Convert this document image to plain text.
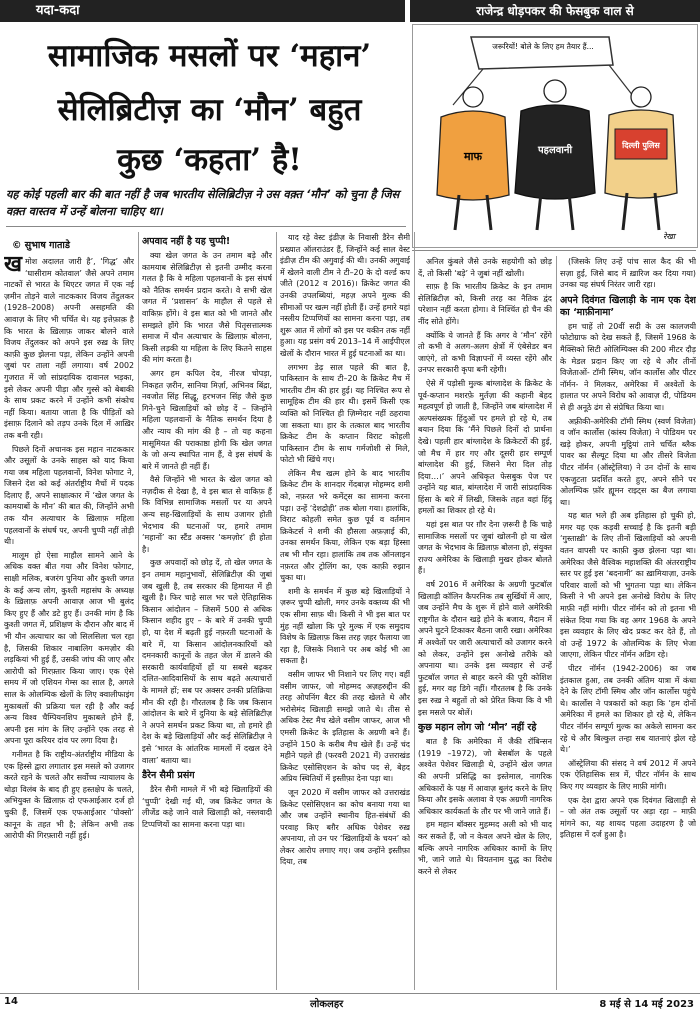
यदा-कदा	राजेन्द्र धोड़पकर की फेसबुक वाल से
सामाजिक मसलों पर ‘महान’
सेलिब्रिटीज़ का ‘मौन’ बहुत
कुछ ‘कहता’ है!
यह कोई पहली बार की बात नहीं है जब भारतीय सेलिब्रिटीज़ ने उस वक़्त ‘मौन’ को चुना है जिस वक़्त वास्तव में उन्हें बोलना चाहिए था।
जरूरियों! बोले के लिए हम तैयार हैं...
माफ	पहलवानी	दिल्ली पुलिस
रेखा
© सुभाष गाताडे

खमोश अदालत जारी है’, ‘गिद्ध’ और ‘घासीराम कोतवाल’ जैसे अपने तमाम नाटकों से भारत के थिएटर जगत में एक नई ज़मीन तोड़ने वाले नाटककार विजय तेंदुलकर (1928–2008) अपनी असहमति की आवाज़ के लिए भी चर्चित थे। यह इत्तेफ़ाक़ है कि भारत के ख़िलाफ़ जाकर बोलने वाले विजय तेंदुलकर को अपने इस रुख़ के लिए काफ़ी कुछ झेलना पड़ा, लेकिन उन्होंने अपनी जुबां पर ताला नहीं लगाया। वर्ष 2002 गुजरात में जो सांप्रदायिक दावानल भड़का, इसे लेकर अपनी पीड़ा और गुस्से को बेबाकी के साथ प्रकट करने में उन्होंने कभी संकोच नहीं किया। बताया जाता है कि पीड़ितों को इंसाफ़ दिलाने को तड़प उनके दिल में आख़िर तक बनी रही।

पिछले दिनों अचानक इस महान नाटककार और उसूलों के उनके साहस को याद किया गया जब महिला पहलवानों, विनेश फोगाट ने, जिसने देश को कई अंतर्राष्ट्रीय मैचों में पदक दिलाए हैं, अपने साक्षात्कार में ‘खेल जगत के कामयाबों के मौन’ की बात की, जिन्होंने अभी तक यौन अत्याचार के ख़िलाफ़ महिला पहलवानों के संघर्ष पर, अपनी चुप्पी नहीं तोड़ी थी।

मालूम हो ऐसा माहौल सामने आने के अधिक वक्त बीत गया और विनेश फोगाट, साक्षी मलिक, बजरंग पुनिया और कुश्ती जगत के कई अन्य लोग, कुश्ती महासंघ के अध्यक्ष के ख़िलाफ़ अपनी आवाज़ आज भी बुलंद किए हुए हैं और डटे हुए हैं। उनकी मांग है कि कुश्ती जगत में, प्रशिक्षण के दौरान और बाद में भी यौन अत्याचार का जो सिलसिला चल रहा है, जिसकी शिकार नाबालिग कमज़ोर की लड़कियां भी हुई हैं, उसकी जांच की जाए और आरोपी को गिरफ़्तार किया जाए। एक ऐसे समय में जो एशियन गेम्स का साल है, अगले साल के ओलम्पिक खेलों के लिए क्वालीफाइंग मुकाबलों की प्रक्रिया चल रही है और कई अन्य विश्व चैम्पियनशिप मुकाबले होने हैं, अपनी इस मांग के लिए उन्होंने एक तरह से अपना पूरा करियर दांव पर लगा दिया है।

गनीमत है कि राष्ट्रीय-अंतर्राष्ट्रीय मीडिया के एक हिस्से द्वारा लगातार इस मसले को उजागर करते रहने के चलते और सर्वोच्च न्यायालय के थोड़ा विलंब के बाद ही हुए हस्तक्षेप के चलते, अभियुक्त के ख़िलाफ़ दो एफआईआर दर्ज हो चुकी हैं, जिसमें एक एफआईआर ‘पोक्सो’ कानून के तहत भी है; लेकिन अभी तक आरोपी की गिरफ़्तारी नहीं हुई।

अपवाद नहीं है यह चुप्पी!

क्या खेल जगत के उन तमाम बड़े और कामयाब सेलिब्रिटीज़ से इतनी उम्मीद करना गलत है कि वे महिला पहलवानों के इस संघर्ष को नैतिक समर्थन प्रदान करते। वे सभी खेल जगत में ‘प्रशासन’ के माहौल से पहले से वाकिफ़ होंगे। वे इस बात को भी जानते और समझते होंगे कि भारत जैसे पितृसत्तात्मक समाज में यौन अत्याचार के ख़िलाफ़ बोलना, किसी लड़की या महिला के लिए कितने साहस की मांग करता है।

अगर हम कपिल देव, नीरज चोपड़ा, निकहत ज़रीन, सानिया मिर्ज़ा, अभिनव बिंद्रा, नवजोत सिंह सिद्धू, हरभजन सिंह जैसे कुछ गिने-चुने खिलाड़ियों को छोड़ दें – जिन्होंने महिला पहलवानों के नैतिक समर्थन दिया है और न्याय की मांग की है – तो यह कहना मासूमियत की पराकाष्ठा होगी कि खेल जगत के जो अन्य स्थापित नाम हैं, वे इस संघर्ष के बारे में जानते ही नहीं हैं।

वैसे जिन्होंने भी भारत के खेल जगत को नज़दीक से देखा है, वे इस बात से वाकिफ़ हैं कि विभिन्न सामाजिक मसलों पर या अपने अन्य सह-खिलाड़ियों के साथ उजागर होती भेदभाव की घटनाओं पर, हमारे तमाम ‘महानों’ का स्टैंड अक्सर ‘कमज़ोर’ ही होता है।

कुछ अपवादों को छोड़ दें, तो खेल जगत के इन तमाम महानुभावों, सेलिब्रिटीज़ की जुबां जब खुली है, तब सरकार की हिमायत में ही खुली है। फिर चाहे साल भर चले ऐतिहासिक किसान आंदोलन – जिसमें 500 से अधिक किसान शहीद हुए – के बारे में उनकी चुप्पी हो, या देश में बढ़ती हुई नफ़रती घटनाओं के बारे में, या किसान आंदोलनकारियों को दमनकारी कानूनों के तहत जेल में डालने की सरकारी कार्यवाहियों हों या सबसे बढ़कर दलित-आदिवासियों के साथ बढ़ते अत्याचारों के मामले हों; सब पर अक्सर उनकी प्रतिक्रिया मौन की रही है। गौरतलब है कि जब किसान आंदोलन के बारे में दुनिया के बड़े सेलिब्रिटीज़ ने अपने समर्थन प्रकट किया था, तो हमारे ही देश के बड़े खिलाड़ियों और कई सेलिब्रिटीज़ ने इसे ‘भारत के आंतरिक मामलों में दखल देने वाला’ बताया था।

डैरेन सैमी प्रसंग

डैरेन सैमी मामले में भी बड़े खिलाड़ियों की ‘चुप्पी’ देखी गई थी, जब क्रिकेट जगत के लीजेंड कहे जाने वाले खिलाड़ी को, नस्लवादी टिप्पणियों का सामना करना पड़ा था।

याद रहे वेस्ट इंडीज़ के निवासी डैरेन सैमी प्रख्यात ऑलराउंडर हैं, जिन्होंने कई साल वेस्ट इंडीज़ टीम की अगुवाई की थी। उनकी अगुवाई में खेलने वाली टीम ने टी–20 के दो वर्ल्ड कप जीते (2012 व 2016)। क्रिकेट जगत की उनकी उपलब्धियां, महज़ अपने मुल्क की सीमाओं पर खत्म नहीं होती हैं। उन्हें हमारे यहां नस्लीय टिप्पणियों का सामना करना पड़ा, तब शुरू आत में लोगों को इस पर यकीन तक नहीं हुआ। यह प्रसंग वर्ष 2013–14 में आईपीएल खेलों के दौरान भारत में हुई घटनाओं का था।

लगभग डेढ़ साल पहले की बात है, पाकिस्तान के साथ टी–20 के क्रिकेट मैच में भारतीय टीम की हार हुई। यह निश्चित रूप से सामूहिक टीम की हार थी। इसमें किसी एक व्यक्ति को निश्चित ही ज़िम्मेदार नहीं ठहराया जा सकता था। हार के तत्काल बाद भारतीय क्रिकेट टीम के कप्तान विराट कोहली पाकिस्तान टीम के साथ गर्मजोशी से मिले, फोटो भी खिंचे गए।

लेकिन मैच खत्म होने के बाद भारतीय क्रिकेट टीम के शानदार गेंदबाज़ मोहम्मद शमी को, नफ़रत भरे कमेंट्स का सामना करना पड़ा। उन्हें ‘देशद्रोही’ तक बोला गया। हालांकि, विराट कोहली समेत कुछ पूर्व व वर्तमान क्रिकेटर्स ने शमी की हौसला अफ़ज़ाई की, उनका समर्थन किया, लेकिन एक बड़ा हिस्सा तब भी मौन रहा। हालांकि तब तक ऑनलाइन नफ़रत और ट्रोलिंग का, एक काफ़ी रुझान चुका था।

शमी के समर्थन में कुछ बड़े खिलाड़ियों ने ज़रूर चुप्पी खोली, मगर उनके वक्तव्य की भी एक सीमा साफ़ थी। किसी ने भी इस बात पर मुंह नहीं खोला कि पूरे मुल्क में एक समुदाय विशेष के ख़िलाफ़ किस तरह ज़हर फैलाया जा रहा है, जिसके निशाने पर अब कोई भी आ सकता है।

वसीम जाफर भी निशाने पर लिए गए। वहीं वसीम जाफर, जो मोहम्मद अज़हरुद्दीन की तरह ओपनिंग बैटर की तरह खेलते थे और भरोसेमंद खिलाड़ी समझे जाते थे। तीस से अधिक टेस्ट मैच खेले वसीम जाफर, आज भी एमसी क्रिकेट के इतिहास के अग्रणी बने हैं। उन्होंने 150 के करीब मैच खेले हैं। उन्हें चंद महीने पहले ही (फरवरी 2021 में) उत्तराखंड क्रिकेट एसोसिएशन के कोच पद से, बेहद अप्रिय स्थितियों में इस्तीफ़ा देना पड़ा था।

जून 2020 में वसीम जाफर को उत्तराखंड क्रिकेट एसोसिएशन का कोच बनाया गया था और जब उन्होंने स्थानीय हित-संबंधों की परवाह किए बग़ैर अधिक पेशेवर रुख़ अपनाया, तो उन पर ‘खिलाड़ियों के चयन’ को लेकर आरोप लगाए गए। जब उन्होंने इस्तीफ़ा दिया, तब

अनिल कुंबले जैसे उनके सहयोगी को छोड़ दें, तो किसी ‘बड़े’ ने जुबां नहीं खोली।

साफ़ है कि भारतीय क्रिकेट के इन तमाम सेलिब्रिटीज़ को, किसी तरह का नैतिक द्वंद परेशान नहीं करता होगा। वे निश्चिंत हो चैन की नींद सोते होंगे।

क्योंकि ये जानते हैं कि अगर वे ‘मौन’ रहेंगे तो कभी वे अलग-अलग क्षेत्रों में एंबेसेडर बन जाएंगे, तो कभी विज्ञापनों में व्यस्त रहेंगे और उनपर सरकारी कृपा बनी रहेगी।

ऐसे में पड़ोसी मुल्क बांग्लादेश के क्रिकेट के पूर्व-कप्तान मशरफ़े मुर्तज़ा की कहानी बेहद महत्वपूर्ण हो जाती है, जिन्होंने जब बांग्लादेश में अल्पसंख्यक हिंदुओं पर हमले हो रहे थे, तब बयान दिया कि ‘मैंने पिछले दिनों दो प्रार्थना देखे। पहली हार बांग्लादेश के क्रिकेटरों की हुई, जो मैच में हार गए और दूसरी हार सम्पूर्ण बांग्लादेश की हुई, जिसने मेरा दिल तोड़ दिया…।’ अपने अधिकृत फेसबुक पेज पर उन्होंने यह बात, बांग्लादेश में जारी सांप्रदायिक हिंसा के बारे में लिखी, जिसके तहत वहां हिंदू हमलों का शिकार हो रहे थे।

यहां इस बात पर ग़ौर देना ज़रूरी है कि चाहे सामाजिक मसलों पर जुबां खोलनी हो या खेल जगत के भेदभाव के ख़िलाफ़ बोलना हो, संयुक्त राज्य अमेरिका के खिलाड़ी मुखर होकर बोलते हैं।

वर्ष 2016 में अमेरिका के अग्रणी फुटबॉल खिलाड़ी कॉलिन कैपरनिक तब सुर्खियों में आए, जब उन्होंने मैच के शुरू में होने वाले अमेरिकी राष्ट्रगीत के दौरान खड़े होने के बजाय, मैदान में अपने घुटने टिकाकर बैठना जारी रखा। अमेरिका में अश्वेतों पर जारी अत्याचारों को उजागर करने को लेकर, उन्होंने इस अनोखे तरीके को अपनाया था। उनके इस व्यवहार से उन्हें फुटबॉल जगत से बाहर करने की पूरी कोशिश हुई, मगर वह डिगे नहीं। गौरतलब है कि उनके इस रुख़ ने बहुतों तो को प्रेरित किया कि वे भी इस मसले पर बोलें।

कुछ महान लोग जो ‘मौन’ नहीं रहे

बात है कि अमेरिका में जैकी रॉबिन्सन (1919 –1972), जो बेसबॉल के पहले अश्वेत पेशेवर खिलाड़ी थे, उन्होंने खेल जगत की अपनी प्रसिद्धि का इस्तेमाल, नागरिक अधिकारों के पक्ष में आवाज़ बुलंद करने के लिए किया और इसके अलावा वे एक अग्रणी नागरिक अधिकार कार्यकर्ता के तौर पर भी जाने जाते हैं।

हम महान बॉक्सर मुहम्मद अली को भी याद कर सकते हैं, जो न केवल अपने खेल के लिए, बल्कि अपने नागरिक अधिकार कामों के लिए भी, जाने जाते थे। वियतनाम युद्ध का विरोध करने से लेकर

(जिसके लिए उन्हें पांच साल कैद की भी सज़ा हुई, जिसे बाद में ख़ारिज कर दिया गया) उनका यह संघर्ष निरंतर जारी रहा।

अपने दिवंगत खिलाड़ी के नाम एक देश का ‘माफ़ीनामा’

हम चाहें तो 20वीं सदी के उस कालजयी फोटोग्राफ को देख सकते हैं, जिसमें 1968 के मैक्सिको सिटी ओलिम्पिक्स की 200 मीटर दौड़ के मेडल प्रदान किए जा रहे थे और तीनों विजेताओं- टॉमी स्मिथ, जॉन कार्लोस और पीटर नॉर्मन- ने मिलकर, अमेरिका में अश्वेतों के हालात पर अपने विरोध को आवाज़ दी, पोडियम से ही अनूठे ढंग से संप्रेषित किया था।

अफ़्रीकी-अमेरिकी टॉमी स्मिथ (स्वर्ण विजेता) व जॉन कार्लोस (कांस्य विजेता) ने पोडियम पर खड़े होकर, अपनी मुट्ठियां ताने चर्चित ब्लैक पावर का सैल्यूट दिया था और तीसरे विजेता पीटर नॉर्मन (ऑस्ट्रेलिया) ने उन दोनों के साथ एकजुटता प्रदर्शित करते हुए, अपने सीने पर ओलम्पिक फ़ॉर ह्यूमन राइट्स का बैज लगाया था।

यह बात भले ही अब इतिहास हो चुकी हो, मगर यह एक कड़वी सच्चाई है कि इतनी बड़ी ‘गुस्ताख़ी’ के लिए तीनों खिलाड़ियों को अपनी वतन वापसी पर काफ़ी कुछ झेलना पड़ा था। अमेरिका जैसे वैश्विक महाशक्ति की अंतरराष्ट्रीय स्तर पर हुई इस ‘बदनामी’ का ख़ामियाज़ा, उनके परिवार वालों को भी भुगतना पड़ा था। लेकिन किसी ने भी अपने इस अनोखे विरोध के लिए माफ़ी नहीं मांगी। पीटर नॉर्मन को तो इतना भी संकेत दिया गया कि वह अगर 1968 के अपने इस व्यवहार के लिए खेद प्रकट कर देते हैं, तो वो उन्हें 1972 के ओलम्पिक के लिए भेजा जाएगा, लेकिन पीटर नॉर्मन अडिग रहे।

पीटर नॉर्मन (1942-2006) का जब इंतकाल हुआ, तब उनकी अंतिम यात्रा में कंधा देने के लिए टॉमी स्मिथ और जॉन कार्लोस पहुंचे थे। कार्लोस ने पत्रकारों को कहा कि ‘हम दोनों अमेरिका में हमले का शिकार हो रहे थे, लेकिन पीटर नॉर्मन सम्पूर्ण मुल्क का अकेले सामना कर रहे थे और बिल्कुल तन्हा सब यातनाएं झेल रहे थे।’

ऑस्ट्रेलिया की संसद ने वर्ष 2012 में अपने एक ऐतिहासिक सत्र में, पीटर नॉर्मन के साथ किए गए व्यवहार के लिए माफ़ी मांगी।

एक देश द्वारा अपने एक दिवंगत खिलाड़ी से – जो अंत तक उसूलों पर अड़ा रहा – माफ़ी मांगने का, यह शायद पहला उदाहरण है जो इतिहास में दर्ज हुआ है।

14	लोकलहर	8 मई से 14 मई 2023
